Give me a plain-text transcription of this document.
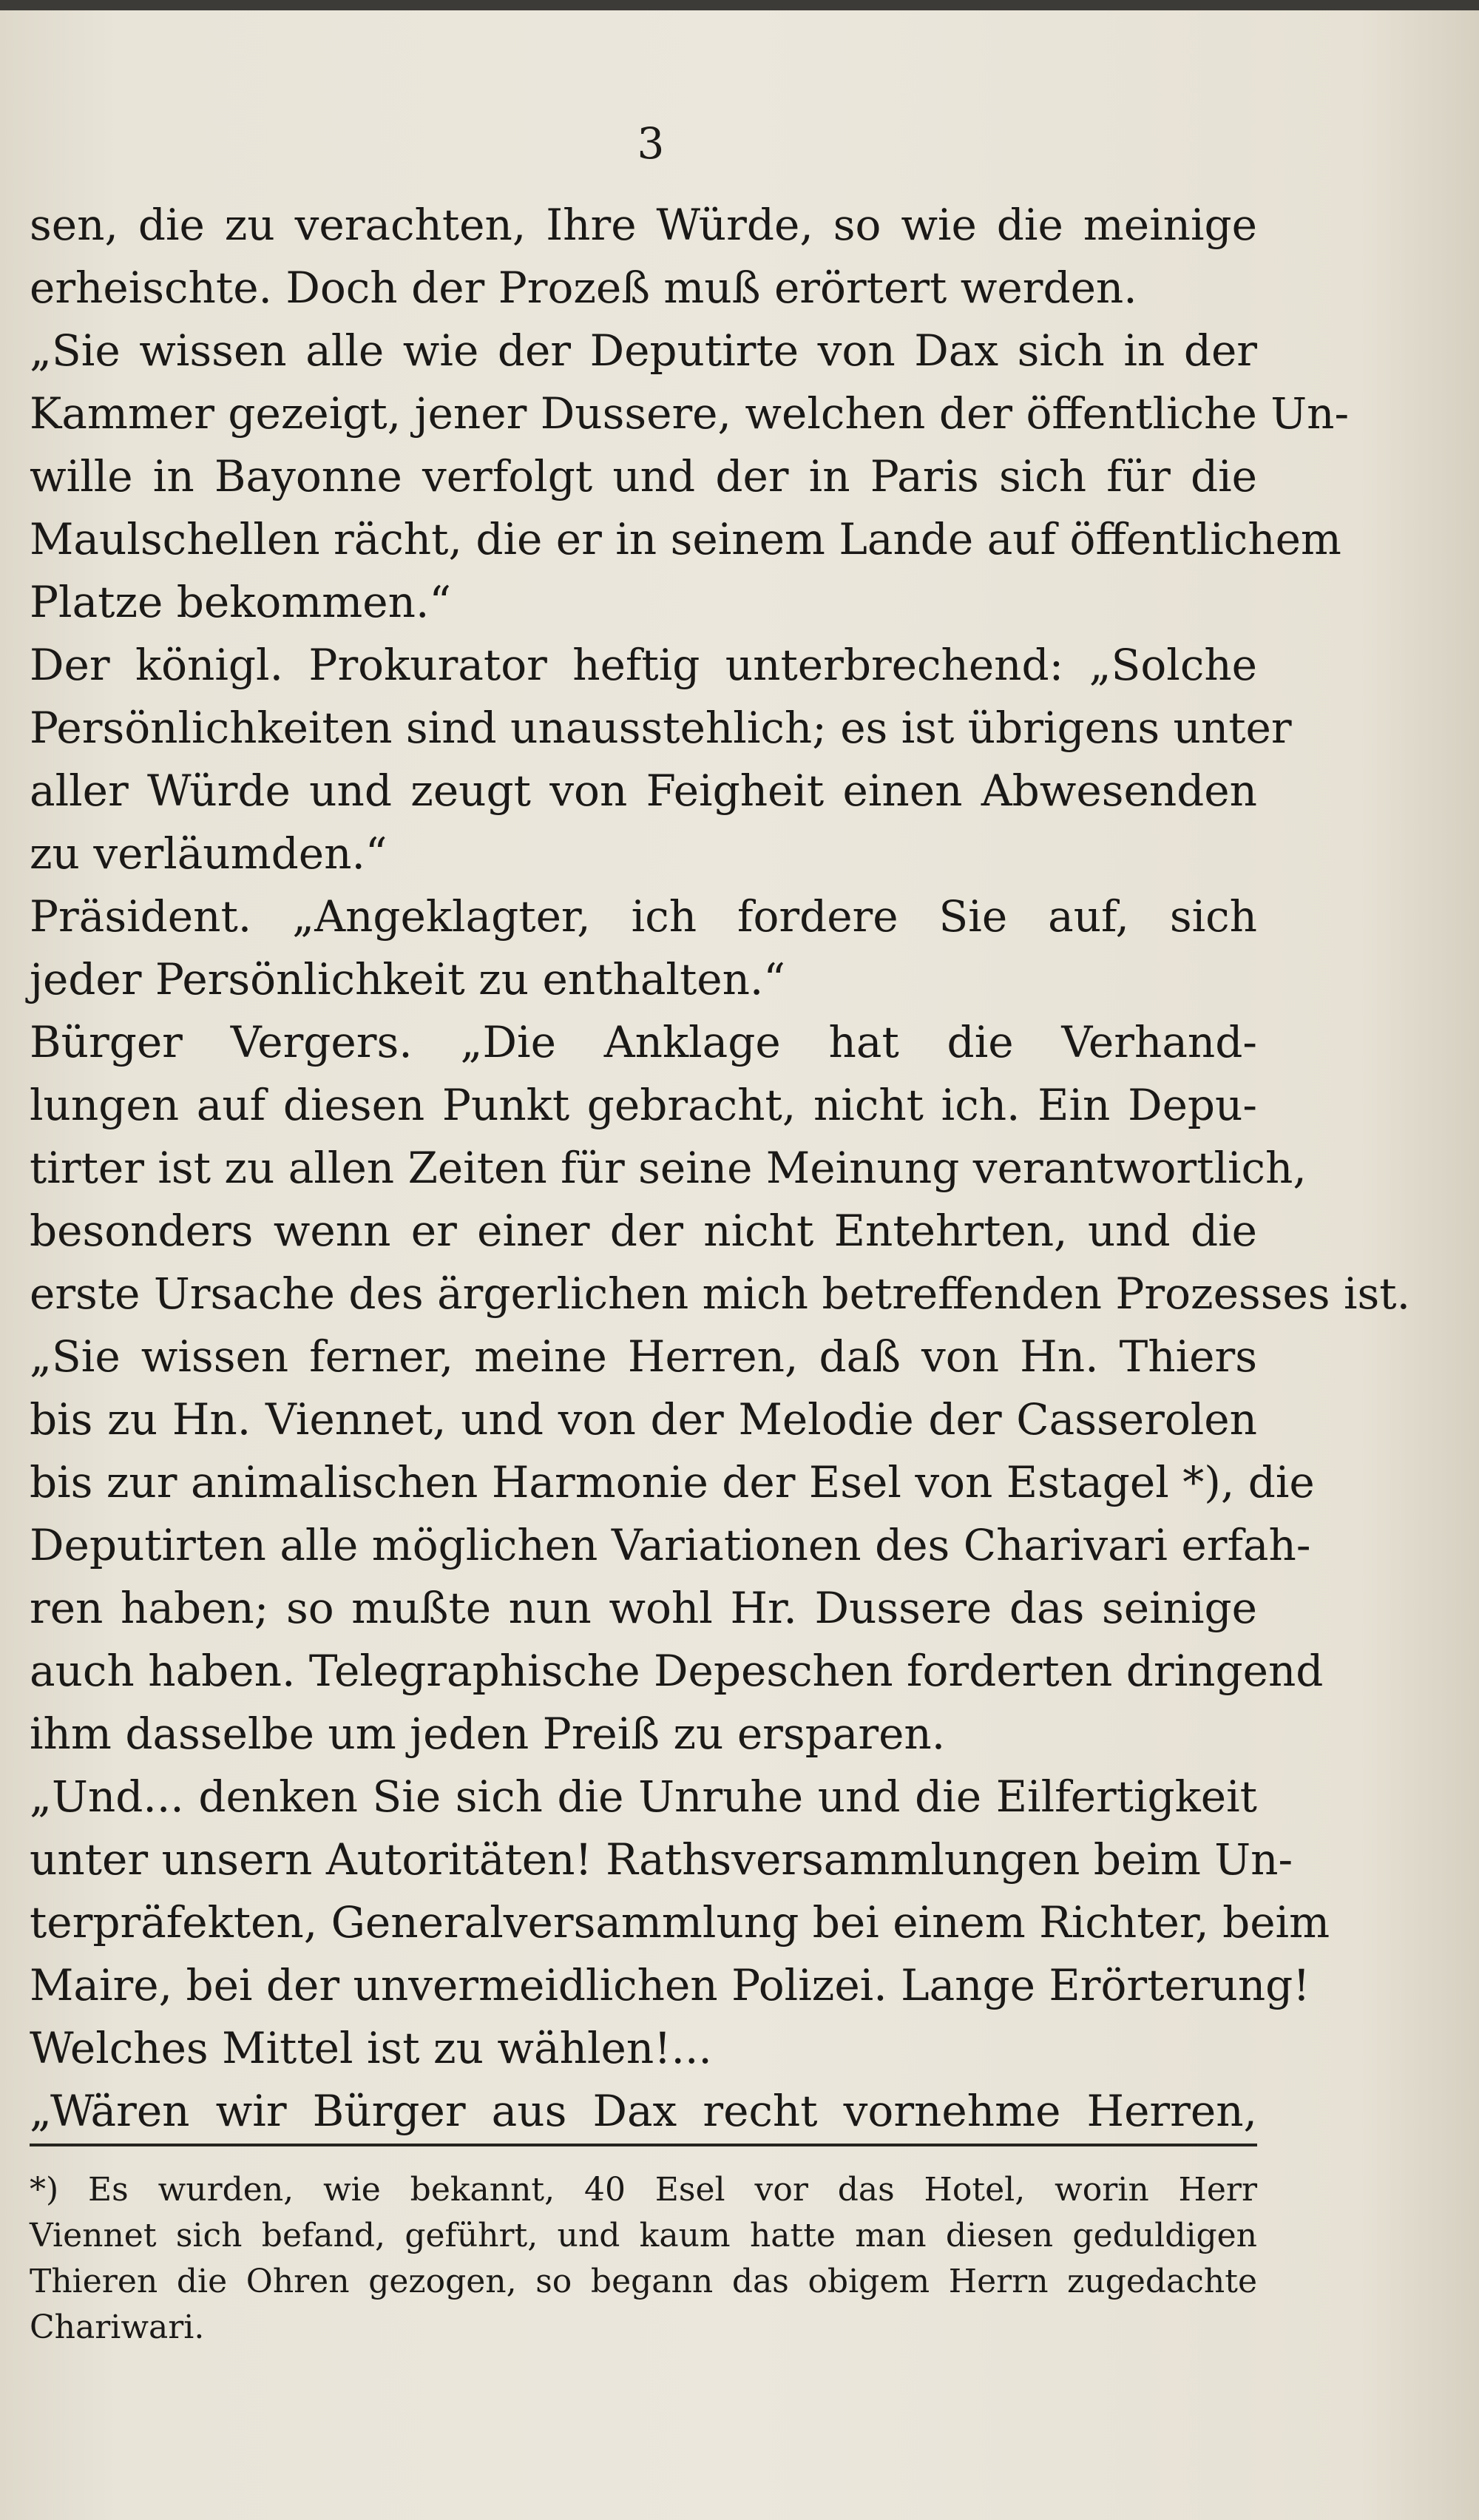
3
sen, die zu verachten, Ihre Würde, so wie die meinige
erheischte. Doch der Prozeß muß erörtert werden.
„Sie wissen alle wie der Deputirte von Dax sich in der
Kammer gezeigt, jener Dussere, welchen der öffentliche Un-
wille in Bayonne verfolgt und der in Paris sich für die
Maulschellen rächt, die er in seinem Lande auf öffentlichem
Platze bekommen.“
Der königl. Prokurator heftig unterbrechend: „Solche
Persönlichkeiten sind unausstehlich; es ist übrigens unter
aller Würde und zeugt von Feigheit einen Abwesenden
zu verläumden.“
Präsident. „Angeklagter, ich fordere Sie auf, sich
jeder Persönlichkeit zu enthalten.“
Bürger Vergers. „Die Anklage hat die Verhand-
lungen auf diesen Punkt gebracht, nicht ich. Ein Depu-
tirter ist zu allen Zeiten für seine Meinung verantwortlich,
besonders wenn er einer der nicht Entehrten, und die
erste Ursache des ärgerlichen mich betreffenden Prozesses ist.
„Sie wissen ferner, meine Herren, daß von Hn. Thiers
bis zu Hn. Viennet, und von der Melodie der Casserolen
bis zur animalischen Harmonie der Esel von Estagel *), die
Deputirten alle möglichen Variationen des Charivari erfah-
ren haben; so mußte nun wohl Hr. Dussere das seinige
auch haben. Telegraphische Depeschen forderten dringend
ihm dasselbe um jeden Preiß zu ersparen.
„Und... denken Sie sich die Unruhe und die Eilfertigkeit
unter unsern Autoritäten! Rathsversammlungen beim Un-
terpräfekten, Generalversammlung bei einem Richter, beim
Maire, bei der unvermeidlichen Polizei. Lange Erörterung!
Welches Mittel ist zu wählen!...
„Wären wir Bürger aus Dax recht vornehme Herren,
*) Es wurden, wie bekannt, 40 Esel vor das Hotel, worin Herr
Viennet sich befand, geführt, und kaum hatte man diesen geduldigen
Thieren die Ohren gezogen, so begann das obigem Herrn zugedachte
Chariwari.
